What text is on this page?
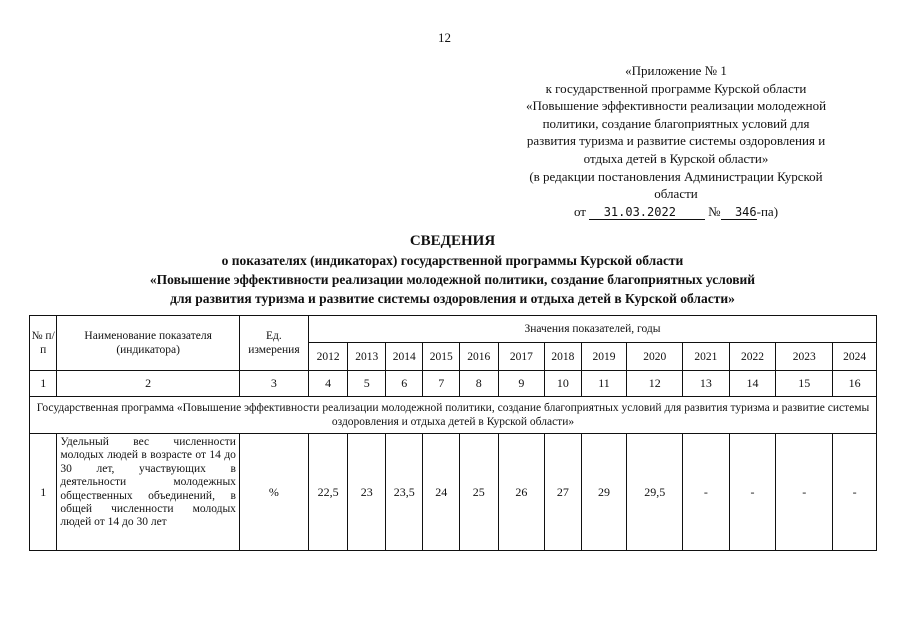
12
«Приложение № 1
к государственной программе Курской области
«Повышение эффективности реализации молодежной
политики, создание благоприятных условий для
развития туризма и развитие системы оздоровления и
отдыха детей в Курской области»
(в редакции постановления Администрации Курской
области
от 31.03.2022 № 346-па)
СВЕДЕНИЯ
о показателях (индикаторах) государственной программы Курской области
«Повышение эффективности реализации молодежной политики, создание благоприятных условий
для развития туризма и развитие системы оздоровления и отдыха детей в Курской области»
№ п/п	Наименование показателя (индикатора)	Ед. измерения	Значения показателей, годы												
			2012	2013	2014	2015	2016	2017	2018	2019	2020	2021	2022	2023	2024
1	2	3	4	5	6	7	8	9	10	11	12	13	14	15	16
Государственная программа «Повышение эффективности реализации молодежной политики, создание благоприятных условий для развития туризма и развитие системы оздоровления и отдыха детей в Курской области»															
1	Удельный вес численности молодых людей в возрасте от 14 до 30 лет, участвующих в деятельности молодежных общественных объединений, в общей численности молодых людей от 14 до 30 лет	%	22,5	23	23,5	24	25	26	27	29	29,5	-	-	-	-
